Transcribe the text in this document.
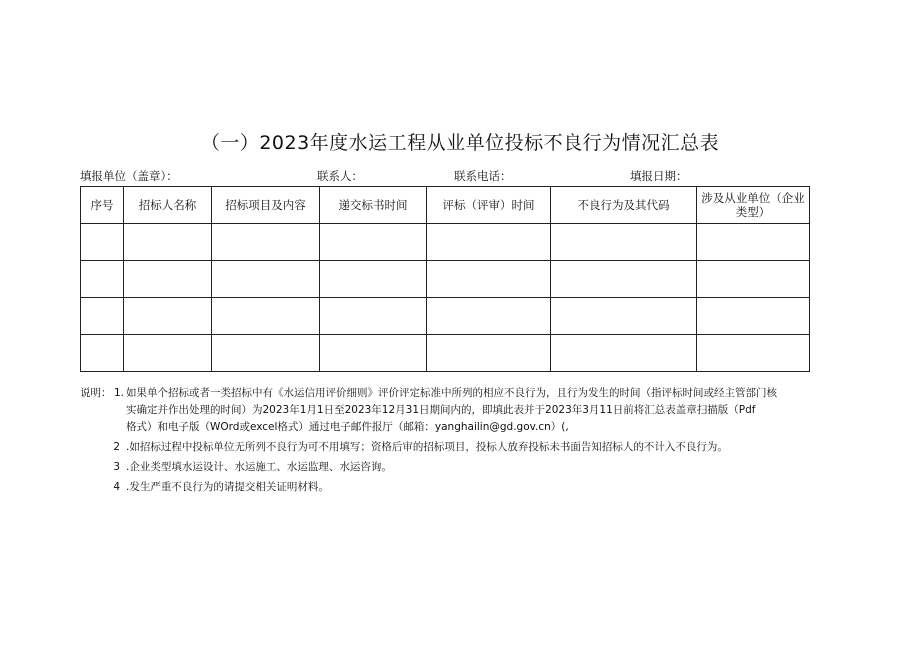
（一）2023年度水运工程从业单位投标不良行为情况汇总表
填报单位（盖章）：	联系人：	联系电话：	填报日期：
序号	招标人名称	招标项目及内容	递交标书时间	评标（评审）时间	不良行为及其代码	涉及从业单位（企业类型）

说明： 1. 如果单个招标或者一类招标中有《水运信用评价细则》评价评定标准中所列的相应不良行为，且行为发生的时间（指评标时间或经主管部门核
实确定并作出处理的时间）为2023年1月1日至2023年12月31日期间内的，即填此表并于2023年3月11日前将汇总表盖章扫描版（Pdf
格式）和电子版（WOrd或excel格式）通过电子邮件报厅（邮箱：yanghailin@gd.gov.cn）(,
2 .如招标过程中投标单位无所列不良行为可不用填写；资格后审的招标项目，投标人放弃投标未书面告知招标人的不计入不良行为。
3 .企业类型填水运设计、水运施工、水运监理、水运咨询。
4 .发生严重不良行为的请提交相关证明材料。
